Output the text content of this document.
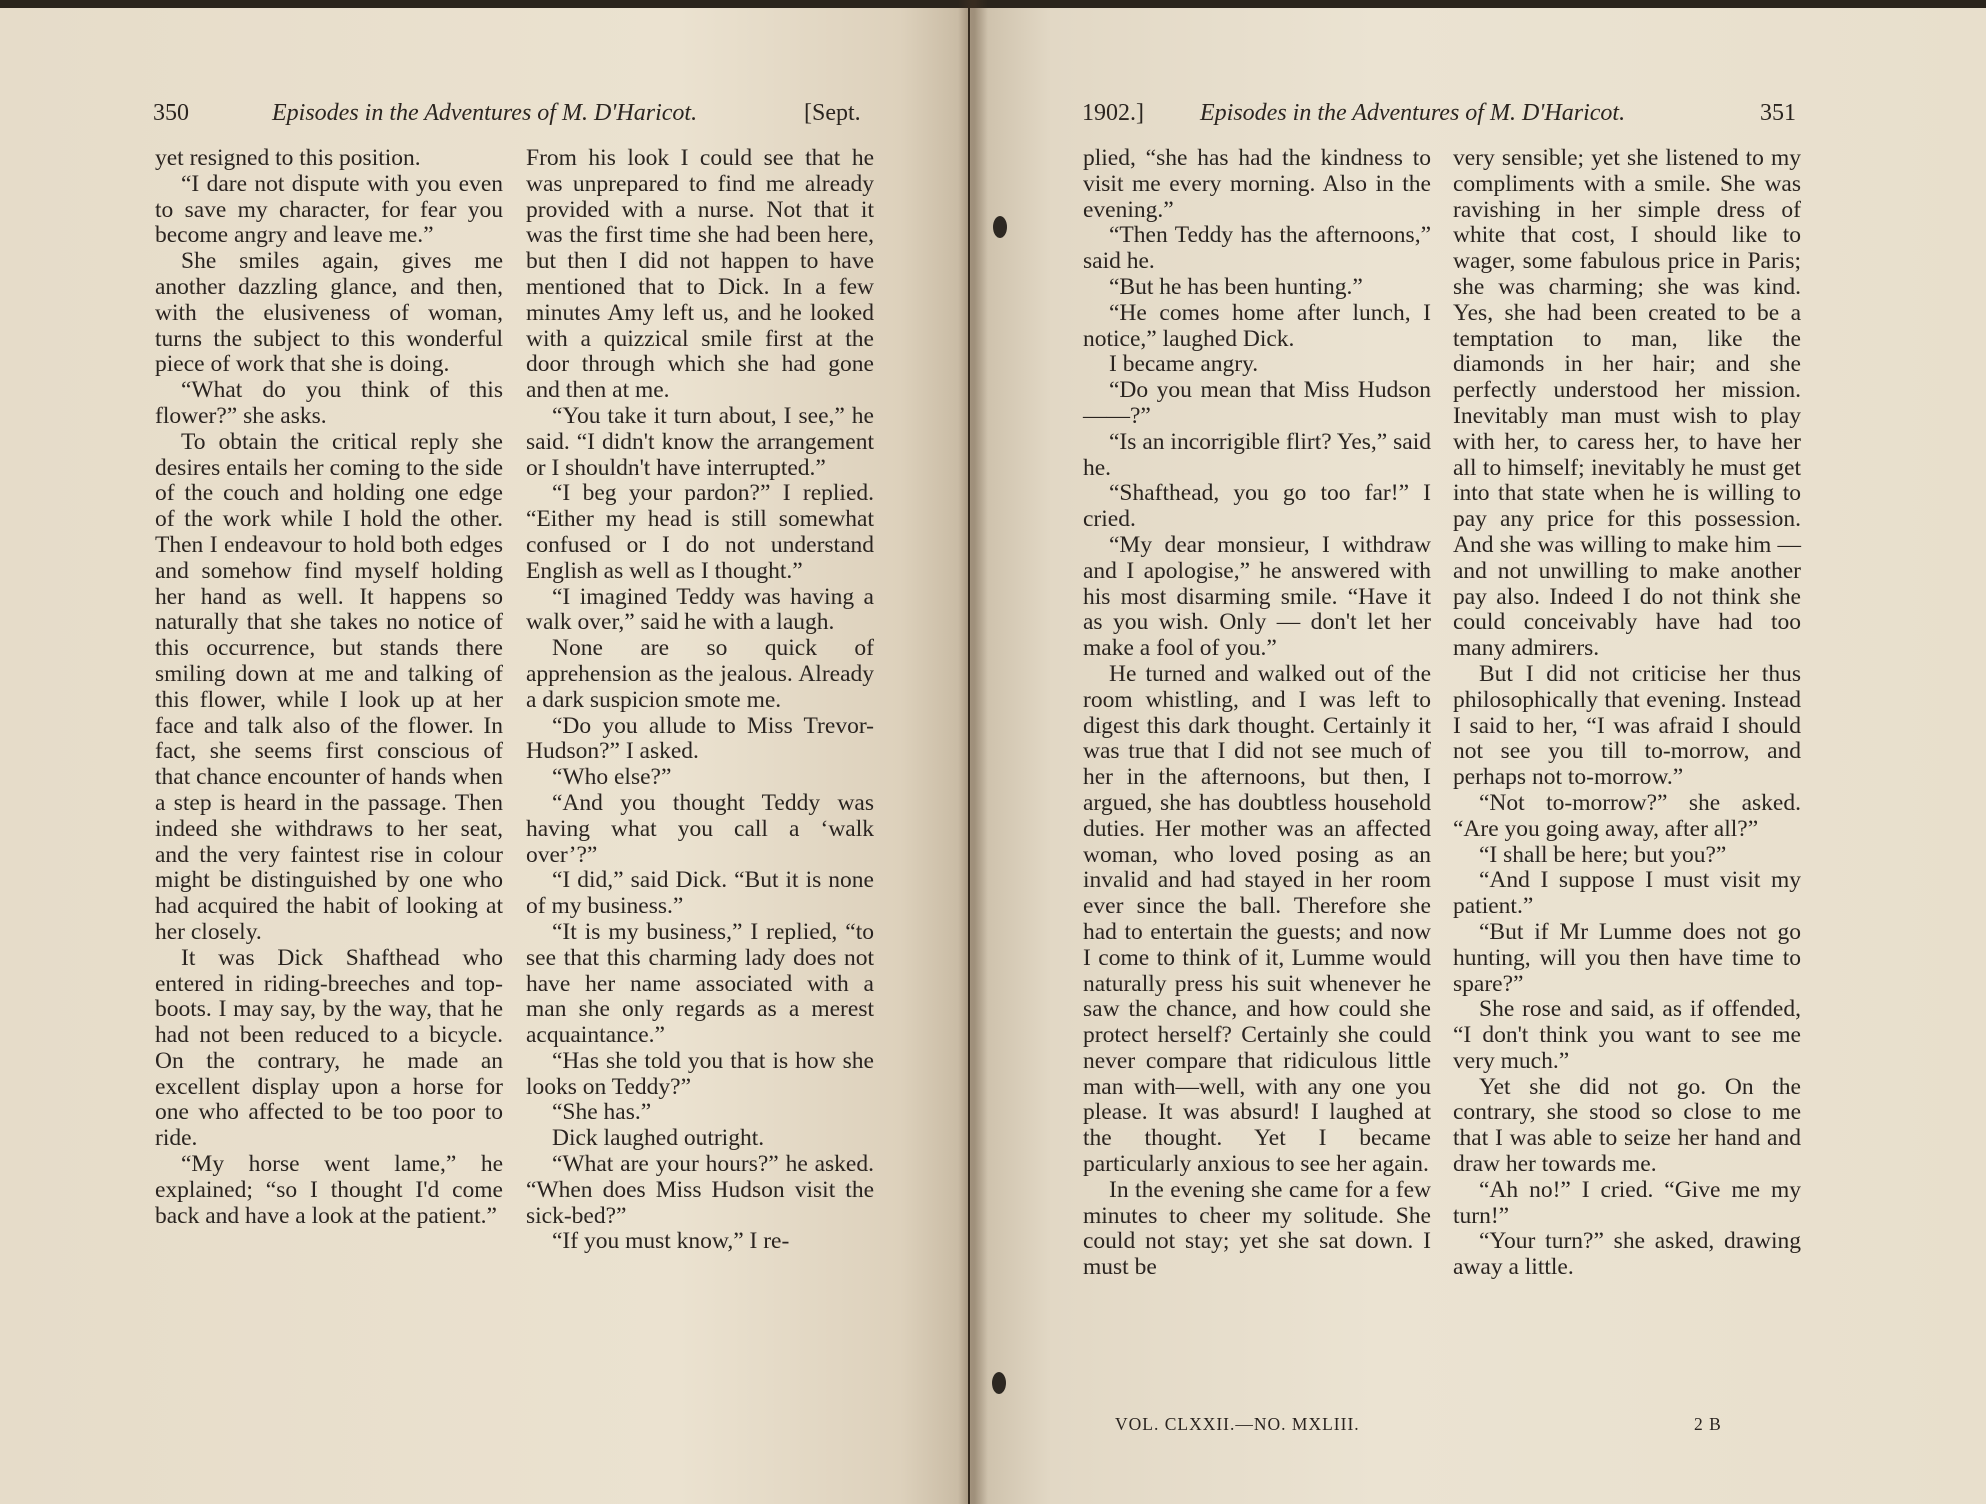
350	Episodes in the Adventures of M. D'Haricot.	[Sept.

yet resigned to this position.

“I dare not dispute with you even to save my character, for fear you become angry and leave me.”

She smiles again, gives me another dazzling glance, and then, with the elusiveness of woman, turns the subject to this wonderful piece of work that she is doing.

“What do you think of this flower?” she asks.

To obtain the critical reply she desires entails her coming to the side of the couch and holding one edge of the work while I hold the other. Then I endeavour to hold both edges and somehow find myself holding her hand as well. It happens so naturally that she takes no notice of this occurrence, but stands there smiling down at me and talking of this flower, while I look up at her face and talk also of the flower. In fact, she seems first conscious of that chance encounter of hands when a step is heard in the passage. Then indeed she withdraws to her seat, and the very faintest rise in colour might be distinguished by one who had acquired the habit of looking at her closely.

It was Dick Shafthead who entered in riding-breeches and top-boots. I may say, by the way, that he had not been reduced to a bicycle. On the contrary, he made an excellent display upon a horse for one who affected to be too poor to ride.

“My horse went lame,” he explained; “so I thought I'd come back and have a look at the patient.”

From his look I could see that he was unprepared to find me already provided with a nurse. Not that it was the first time she had been here, but then I did not happen to have mentioned that to Dick. In a few minutes Amy left us, and he looked with a quizzical smile first at the door through which she had gone and then at me.

“You take it turn about, I see,” he said. “I didn't know the arrangement or I shouldn't have interrupted.”

“I beg your pardon?” I replied. “Either my head is still somewhat confused or I do not understand English as well as I thought.”

“I imagined Teddy was having a walk over,” said he with a laugh.

None are so quick of apprehension as the jealous. Already a dark suspicion smote me.

“Do you allude to Miss Trevor-Hudson?” I asked.

“Who else?”

“And you thought Teddy was having what you call a ‘walk over’?”

“I did,” said Dick. “But it is none of my business.”

“It is my business,” I replied, “to see that this charming lady does not have her name associated with a man she only regards as a merest acquaintance.”

“Has she told you that is how she looks on Teddy?”

“She has.”

Dick laughed outright.

“What are your hours?” he asked. “When does Miss Hudson visit the sick-bed?”

“If you must know,” I re-

1902.] Episodes in the Adventures of M. D'Haricot.	351

plied, “she has had the kindness to visit me every morning. Also in the evening.”

“Then Teddy has the afternoons,” said he.

“But he has been hunting.”

“He comes home after lunch, I notice,” laughed Dick.

I became angry.

“Do you mean that Miss Hudson——?”

“Is an incorrigible flirt? Yes,” said he.

“Shafthead, you go too far!” I cried.

“My dear monsieur, I withdraw and I apologise,” he answered with his most disarming smile. “Have it as you wish. Only — don't let her make a fool of you.”

He turned and walked out of the room whistling, and I was left to digest this dark thought. Certainly it was true that I did not see much of her in the afternoons, but then, I argued, she has doubtless household duties. Her mother was an affected woman, who loved posing as an invalid and had stayed in her room ever since the ball. Therefore she had to entertain the guests; and now I come to think of it, Lumme would naturally press his suit whenever he saw the chance, and how could she protect herself? Certainly she could never compare that ridiculous little man with—well, with any one you please. It was absurd! I laughed at the thought. Yet I became particularly anxious to see her again.

In the evening she came for a few minutes to cheer my solitude. She could not stay; yet she sat down. I must be

very sensible; yet she listened to my compliments with a smile. She was ravishing in her simple dress of white that cost, I should like to wager, some fabulous price in Paris; she was charming; she was kind. Yes, she had been created to be a temptation to man, like the diamonds in her hair; and she perfectly understood her mission. Inevitably man must wish to play with her, to caress her, to have her all to himself; inevitably he must get into that state when he is willing to pay any price for this possession. And she was willing to make him — and not unwilling to make another pay also. Indeed I do not think she could conceivably have had too many admirers.

But I did not criticise her thus philosophically that evening. Instead I said to her, “I was afraid I should not see you till to-morrow, and perhaps not to-morrow.”

“Not to-morrow?” she asked. “Are you going away, after all?”

“I shall be here; but you?”

“And I suppose I must visit my patient.”

“But if Mr Lumme does not go hunting, will you then have time to spare?”

She rose and said, as if offended, “I don't think you want to see me very much.”

Yet she did not go. On the contrary, she stood so close to me that I was able to seize her hand and draw her towards me.

“Ah no!” I cried. “Give me my turn!”

“Your turn?” she asked, drawing away a little.

VOL. CLXXII.—NO. MXLIII.	2 B
